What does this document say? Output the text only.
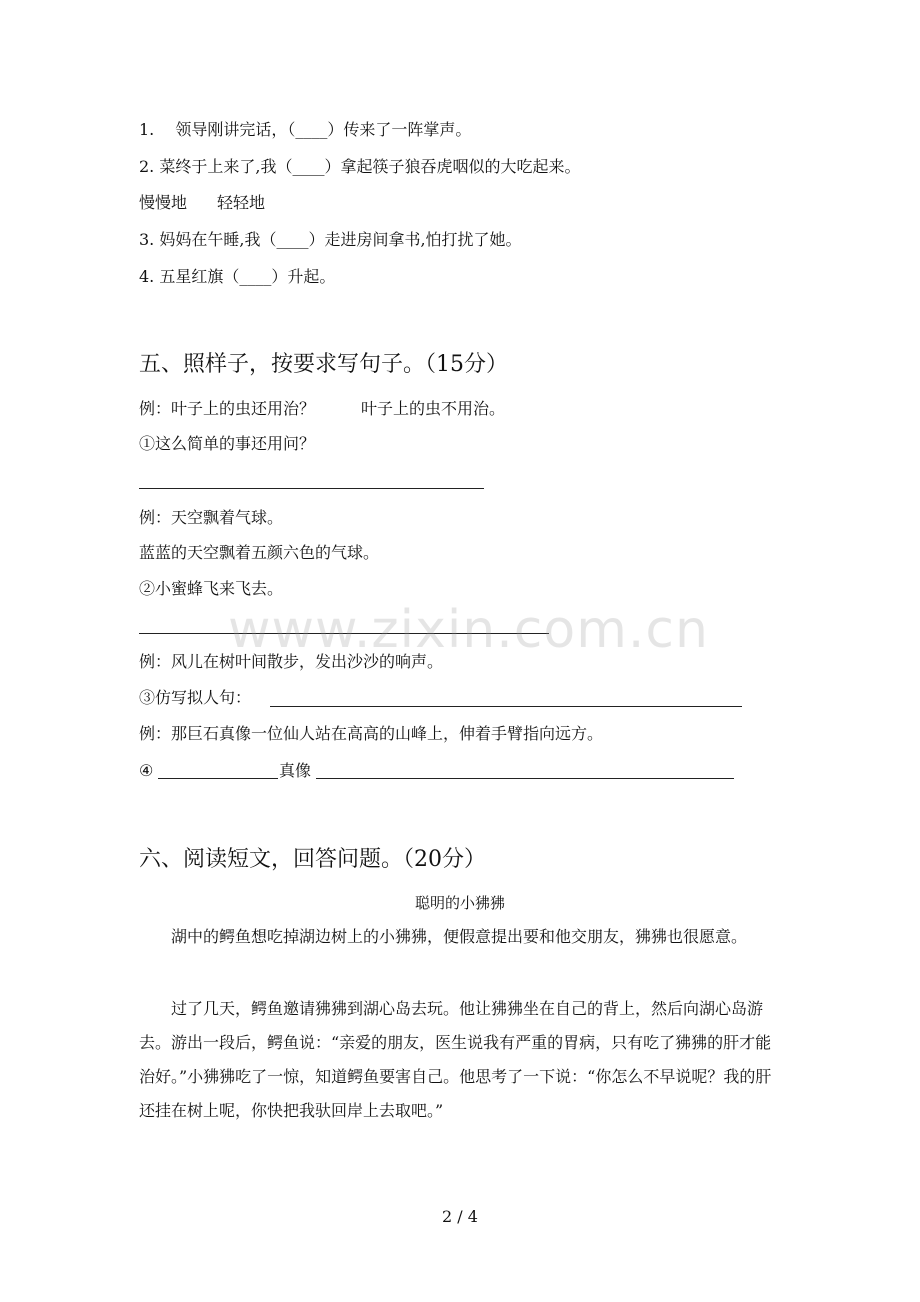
1.　 领导刚讲完话，（____）传来了一阵掌声。
2. 菜终于上来了,我（____）拿起筷子狼吞虎咽似的大吃起来。
慢慢地 轻轻地
3. 妈妈在午睡,我（____）走进房间拿书,怕打扰了她。
4. 五星红旗（____）升起。
五、照样子，按要求写句子。（15分）
例：叶子上的虫还用治？	叶子上的虫不用治。
①这么简单的事还用问？
例：天空飘着气球。
蓝蓝的天空飘着五颜六色的气球。
②小蜜蜂飞来飞去。
例：风儿在树叶间散步，发出沙沙的响声。
③仿写拟人句：
例：那巨石真像一位仙人站在高高的山峰上，伸着手臂指向远方。
④	真像
www.zixin.com.cn
六、阅读短文，回答问题。（20分）
聪明的小狒狒
湖中的鳄鱼想吃掉湖边树上的小狒狒，便假意提出要和他交朋友，狒狒也很愿意。
过了几天，鳄鱼邀请狒狒到湖心岛去玩。他让狒狒坐在自己的背上，然后向湖心岛游去。游出一段后，鳄鱼说：“亲爱的朋友，医生说我有严重的胃病，只有吃了狒狒的肝才能治好。”小狒狒吃了一惊，知道鳄鱼要害自己。他思考了一下说：“你怎么不早说呢？我的肝还挂在树上呢，你快把我驮回岸上去取吧。”
2 / 4
